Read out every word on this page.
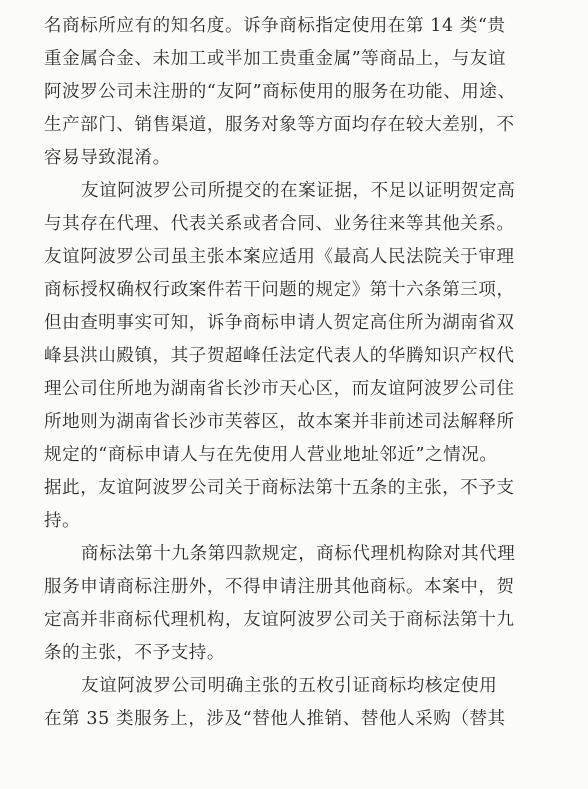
名商标所应有的知名度。诉争商标指定使用在第 14 类“贵
重金属合金、未加工或半加工贵重金属”等商品上，与友谊
阿波罗公司未注册的“友阿”商标使用的服务在功能、用途、
生产部门、销售渠道，服务对象等方面均存在较大差别，不
容易导致混淆。
友谊阿波罗公司所提交的在案证据，不足以证明贺定高
与其存在代理、代表关系或者合同、业务往来等其他关系。
友谊阿波罗公司虽主张本案应适用《最高人民法院关于审理
商标授权确权行政案件若干问题的规定》第十六条第三项，
但由查明事实可知，诉争商标申请人贺定高住所为湖南省双
峰县洪山殿镇，其子贺超峰任法定代表人的华腾知识产权代
理公司住所地为湖南省长沙市天心区，而友谊阿波罗公司住
所地则为湖南省长沙市芙蓉区，故本案并非前述司法解释所
规定的“商标申请人与在先使用人营业地址邻近”之情况。
据此，友谊阿波罗公司关于商标法第十五条的主张，不予支
持。
商标法第十九条第四款规定，商标代理机构除对其代理
服务申请商标注册外，不得申请注册其他商标。本案中，贺
定高并非商标代理机构，友谊阿波罗公司关于商标法第十九
条的主张，不予支持。
友谊阿波罗公司明确主张的五枚引证商标均核定使用
在第 35 类服务上，涉及“替他人推销、替他人采购（替其
